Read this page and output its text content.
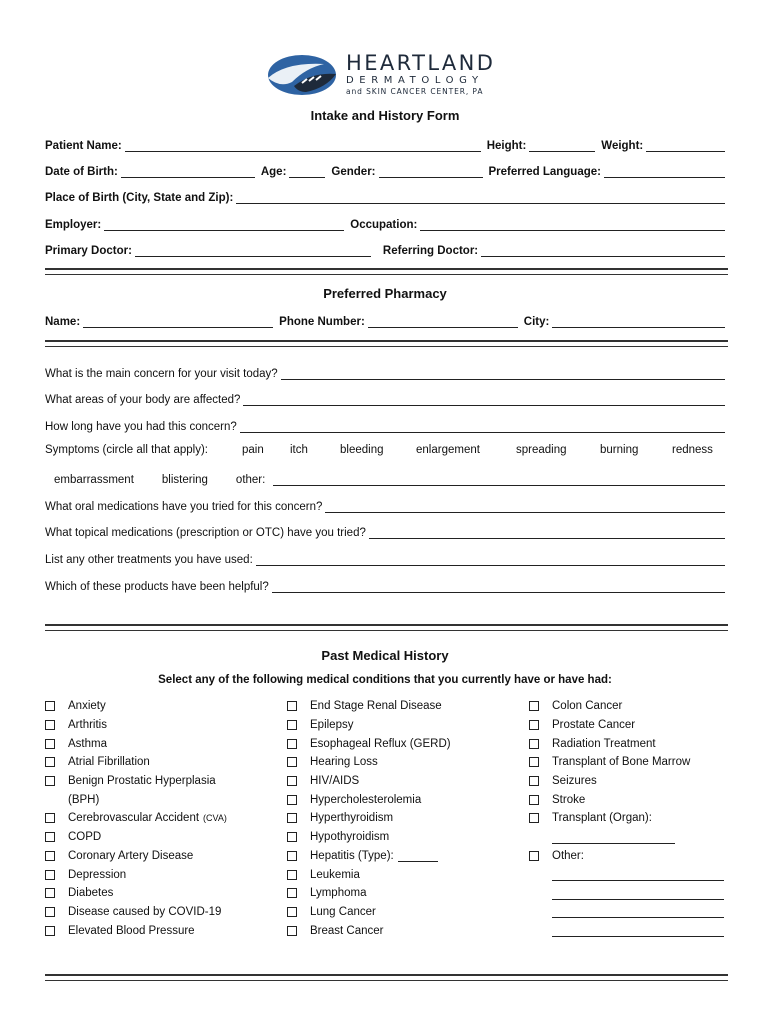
HEARTLAND
DERMATOLOGY
and SKIN CANCER CENTER, PA
Intake and History Form
Patient Name:	Height:	Weight:
Date of Birth:	Age:	Gender:	Preferred Language:
Place of Birth (City, State and Zip):
Employer:	Occupation:
Primary Doctor:	Referring Doctor:
Preferred Pharmacy
Name:	Phone Number:	City:
What is the main concern for your visit today?
What areas of your body are affected?
How long have you had this concern?
Symptoms (circle all that apply):	pain itch	bleeding	enlargement	spreading	burning	redness
embarrassment blistering other:
What oral medications have you tried for this concern?
What topical medications (prescription or OTC) have you tried?
List any other treatments you have used:
Which of these products have been helpful?
Past Medical History
Select any of the following medical conditions that you currently have or have had:
Anxiety
Arthritis
Asthma
Atrial Fibrillation
Benign Prostatic Hyperplasia
(BPH)
Cerebrovascular Accident (CVA)
COPD
Coronary Artery Disease
Depression
Diabetes
Disease caused by COVID-19
Elevated Blood Pressure
End Stage Renal Disease
Epilepsy
Esophageal Reflux (GERD)
Hearing Loss
HIV/AIDS
Hypercholesterolemia
Hyperthyroidism
Hypothyroidism
Hepatitis (Type):
Leukemia
Lymphoma
Lung Cancer
Breast Cancer
Colon Cancer
Prostate Cancer
Radiation Treatment
Transplant of Bone Marrow
Seizures
Stroke
Transplant (Organ):
Other:
